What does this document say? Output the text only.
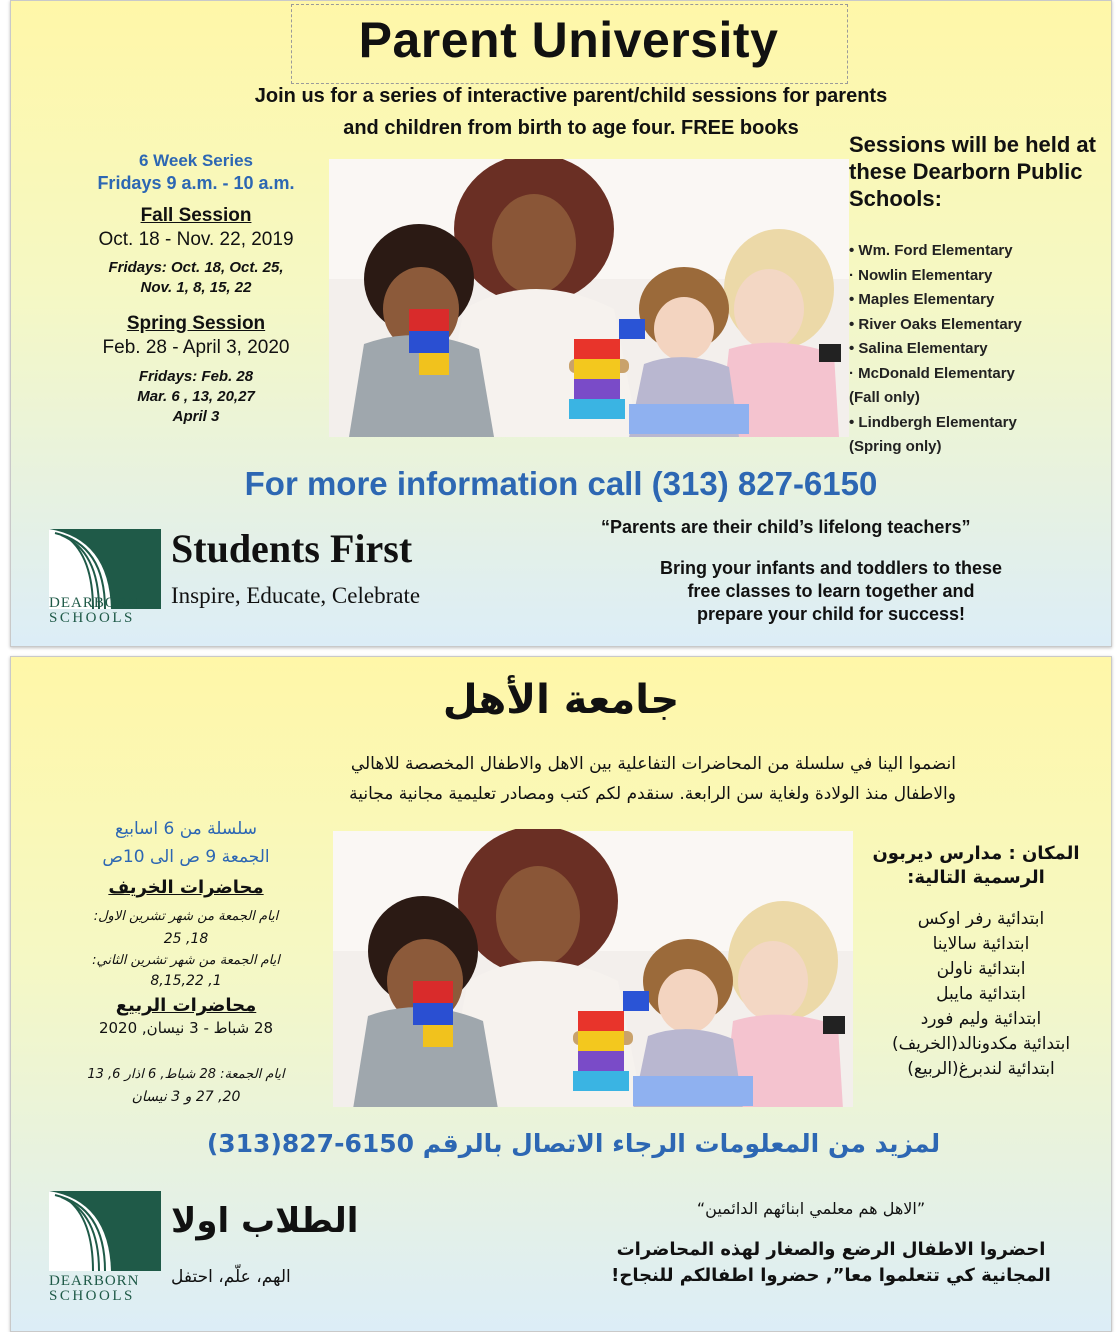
Parent University
Join us for a series of interactive parent/child sessions for parents
and children from birth to age four. FREE books
6 Week Series
Fridays 9 a.m. - 10 a.m.
Fall Session
Oct. 18 - Nov. 22, 2019
Fridays: Oct. 18, Oct. 25,
Nov. 1, 8, 15, 22
Spring Session
Feb. 28 - April 3, 2020
Fridays: Feb. 28
Mar. 6 , 13, 20,27
April 3
Sessions will be held at these Dearborn Public Schools:
• Wm. Ford Elementary
· Nowlin Elementary
• Maples Elementary
• River Oaks Elementary
• Salina Elementary
· McDonald Elementary
(Fall only)
• Lindbergh Elementary
(Spring only)
For more information call (313) 827-6150
DEARBORN
SCHOOLS
Students First
Inspire, Educate, Celebrate
“Parents are their child’s lifelong teachers”
Bring your infants and toddlers to these
free classes to learn together and
prepare your child for success!
جامعة الأهل
انضموا الينا في سلسلة من المحاضرات التفاعلية بين الاهل والاطفال المخصصة للاهالي
والاطفال منذ الولادة ولغاية سن الرابعة. سنقدم لكم كتب ومصادر تعليمية مجانية مجانية
سلسلة من 6 اسابيع
الجمعة 9 ص الى 10ص
محاضرات الخريف
ايام الجمعة من شهر تشرين الاول:
18, 25
ايام الجمعة من شهر تشرين الثاني:
1, 8,15,22
محاضرات الربيع
28 شباط - 3 نيسان, 2020
ايام الجمعة: 28 شباط, 6 اذار 6, 13
20, 27 و 3 نيسان
المكان : مدارس ديربون
الرسمية التالية:
ابتدائية رفر اوكس
ابتدائية سالاينا
ابتدائية ناولن
ابتدائية مايبل
ابتدائية وليم فورد
ابتدائية مكدونالد(الخريف)
ابتدائية لندبرغ(الربيع)
لمزيد من المعلومات الرجاء الاتصال بالرقم 6150-827(313)
DEARBORN
SCHOOLS
الطلاب اولا
الهم، علّم، احتفل
”الاهل هم معلمي ابنائهم الدائمين“
احضروا الاطفال الرضع والصغار لهذه المحاضرات
المجانية كي تتعلموا معا”, حضروا اطفالكم للنجاح!
